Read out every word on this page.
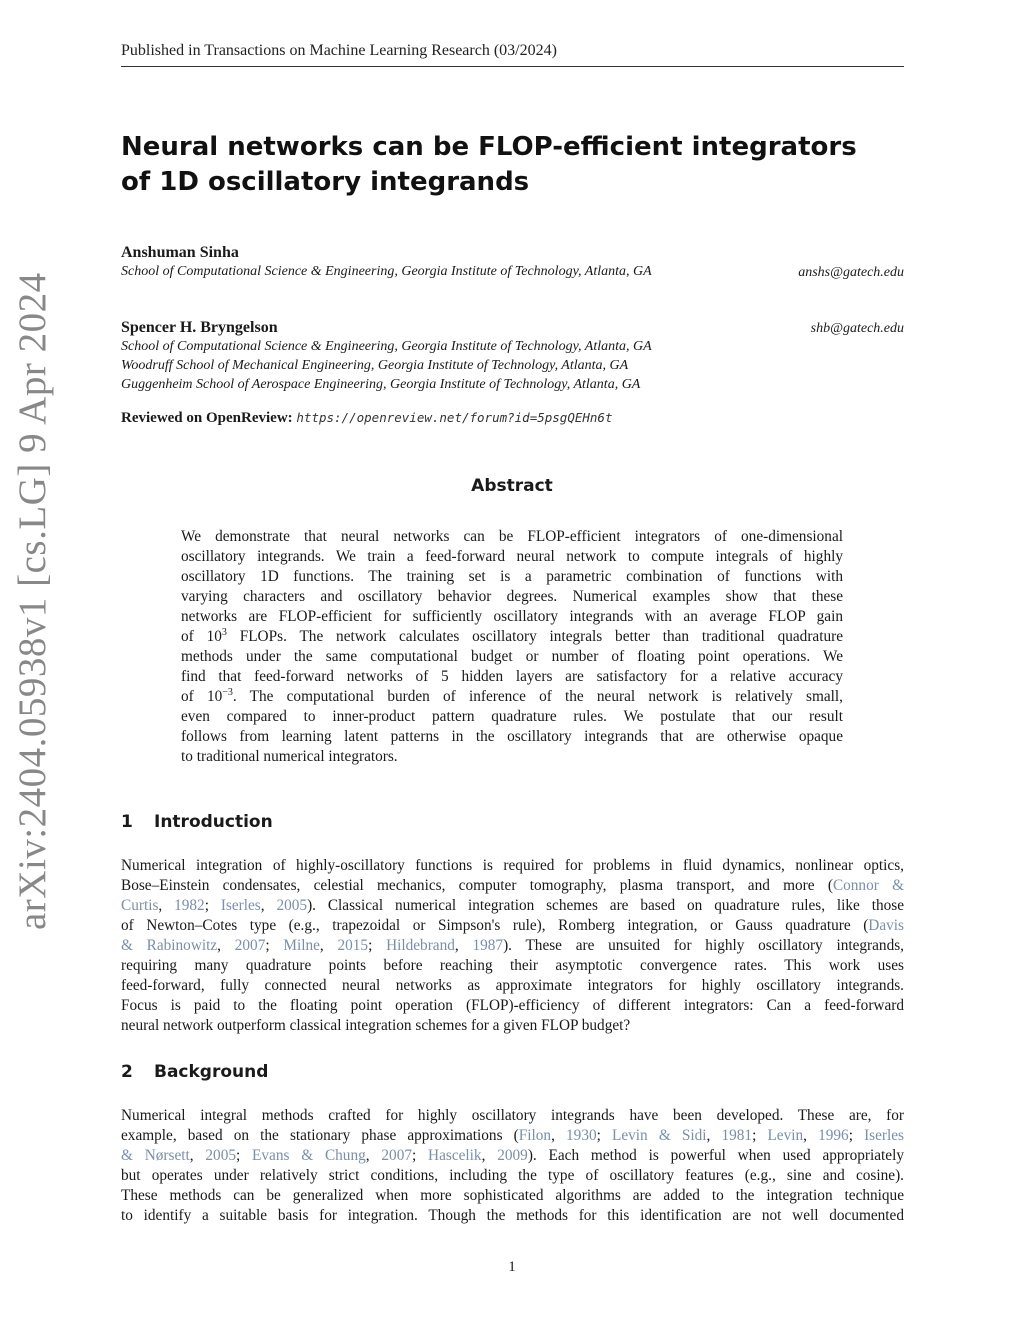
Published in Transactions on Machine Learning Research (03/2024)
arXiv:2404.05938v1 [cs.LG] 9 Apr 2024
Neural networks can be FLOP-efficient integrators
of 1D oscillatory integrands
Anshuman Sinha
School of Computational Science & Engineering, Georgia Institute of Technology, Atlanta, GA	anshs@gatech.edu
Spencer H. Bryngelson
School of Computational Science & Engineering, Georgia Institute of Technology, Atlanta, GA
Woodruff School of Mechanical Engineering, Georgia Institute of Technology, Atlanta, GA
Guggenheim School of Aerospace Engineering, Georgia Institute of Technology, Atlanta, GA
shb@gatech.edu
Reviewed on OpenReview: https://openreview.net/forum?id=5psgQEHn6t
Abstract
We demonstrate that neural networks can be FLOP-efficient integrators of one-dimensional
oscillatory integrands. We train a feed-forward neural network to compute integrals of highly
oscillatory 1D functions. The training set is a parametric combination of functions with
varying characters and oscillatory behavior degrees. Numerical examples show that these
networks are FLOP-efficient for sufficiently oscillatory integrands with an average FLOP gain
of $10^3$ FLOPs. The network calculates oscillatory integrals better than traditional quadrature
methods under the same computational budget or number of floating point operations. We
find that feed-forward networks of 5 hidden layers are satisfactory for a relative accuracy
of $10^{-3}$. The computational burden of inference of the neural network is relatively small,
even compared to inner-product pattern quadrature rules. We postulate that our result
follows from learning latent patterns in the oscillatory integrands that are otherwise opaque
to traditional numerical integrators.
1 Introduction
Numerical integration of highly-oscillatory functions is required for problems in fluid dynamics, nonlinear optics,
Bose–Einstein condensates, celestial mechanics, computer tomography, plasma transport, and more (Connor &
Curtis, 1982; Iserles, 2005). Classical numerical integration schemes are based on quadrature rules, like those
of Newton–Cotes type (e.g., trapezoidal or Simpson's rule), Romberg integration, or Gauss quadrature (Davis
& Rabinowitz, 2007; Milne, 2015; Hildebrand, 1987). These are unsuited for highly oscillatory integrands,
requiring many quadrature points before reaching their asymptotic convergence rates. This work uses
feed-forward, fully connected neural networks as approximate integrators for highly oscillatory integrands.
Focus is paid to the floating point operation (FLOP)-efficiency of different integrators: Can a feed-forward
neural network outperform classical integration schemes for a given FLOP budget?
2 Background
Numerical integral methods crafted for highly oscillatory integrands have been developed. These are, for
example, based on the stationary phase approximations (Filon, 1930; Levin & Sidi, 1981; Levin, 1996; Iserles
& Nørsett, 2005; Evans & Chung, 2007; Hascelik, 2009). Each method is powerful when used appropriately
but operates under relatively strict conditions, including the type of oscillatory features (e.g., sine and cosine).
These methods can be generalized when more sophisticated algorithms are added to the integration technique
to identify a suitable basis for integration. Though the methods for this identification are not well documented
1
